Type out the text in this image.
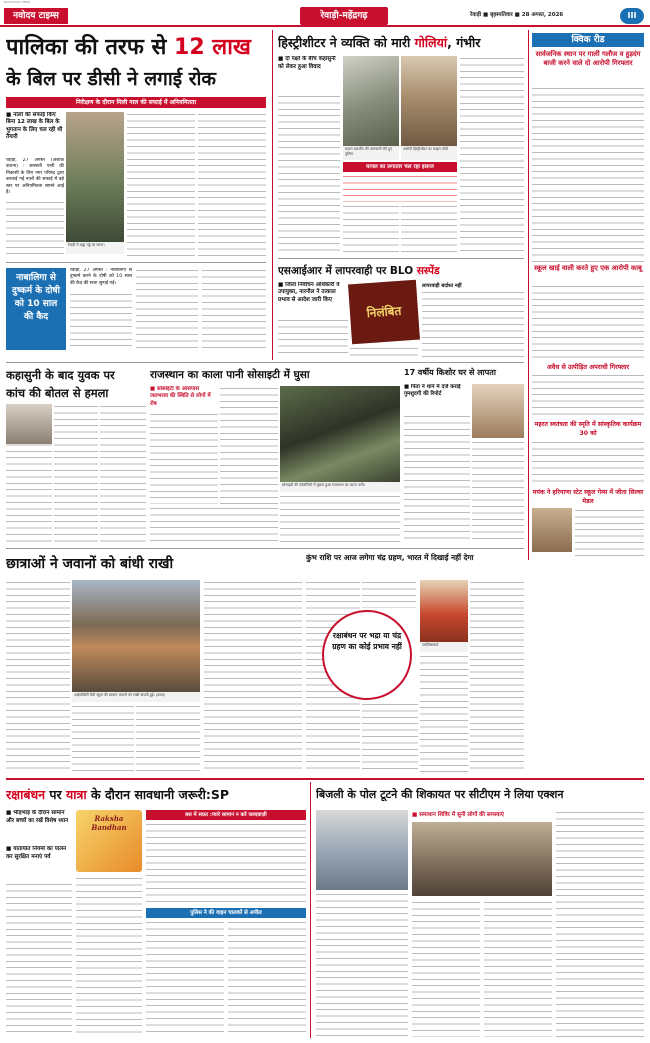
NAVODAYA TIMES
नवोदय टाइम्स	रेवाड़ी-महेंद्रगढ़	रेवाड़ी ■ बृहस्पतिवार ■ 28 अगस्त, 2026	III
पालिका की तरफ से 12 लाख
के बिल पर डीसी ने लगाई रोक
निरीक्षण के दौरान मिली नाल की सफाई में अनियमितता
■ नालों की सफाई किए बिना 12 लाख के बिल के भुगतान के लिए चल रही थी तैयारी
रेवाड़ी, 27 अगस्त (अशोक कथना) : बरसाती पानी की निकासी के लिए नगर परिषद द्वारा करवाई गई नालों की सफाई में बड़े स्तर पर अनियमितता सामने आई है।
रेवाड़ी में अड्डा गड्ढे का घटना।
नाबालिगा से दुष्कर्म के दोषी को 10 साल की कैद
रेवाड़ी, 27 अगस्त : नाबालिगा से दुष्कर्म करने के दोषी को 10 साल की कैद की सजा सुनाई गई।
हिस्ट्रीशीटर ने व्यक्ति को मारी गोलियां, गंभीर
■ दो पक्षों के बीच कहासुनी को लेकर हुआ विवाद
घायल बलजीत की जानकारी लेते हुए पुलिस
आरोपी हिस्ट्रीशीटर का फाइल फोटो
घायल का लगातार चल रहा इलाज
एसआईआर में लापरवाही पर BLO सस्पेंड
■ जिला निर्वाचन अधिकारी व उपायुक्त, नारनौल ने तत्काल प्रभाव से आदेश जारी किए
निलंबित
लापरवाही बर्दाश्त नहीं
क्विक रीड
सार्वजनिक स्थान पर गाली गलौज व हुड़दंग बाजी करने वाले दो आरोपी गिरफ्तार
स्कूल खाई वाली करते हुए एक आरोपी काबू
अवैध से उत्पीड़ित अपराधी गिरफ्तार
महरत स्वतंत्रता की स्मृति में सांस्कृतिक कार्यक्रम 30 को
मयंक ने हरियाणा स्टेट स्कूल गेम्स में जीता सिल्वर मेडल
कहासुनी के बाद युवक पर
कांच की बोतल से हमला
राजस्थान का काला पानी सोसाइटी में घुसा
■ सोसाइटी के आसपास जलभराव की स्थिति से लोगों में रोष
सोसाइटी की कॉलोनियों में घुसता हुआ राजस्थान का काला पानी।
17 वर्षीय किशोर घर से लापता
■ पिता ने थाने में दर्ज कराई गुमशुदगी की रिपोर्ट
छात्राओं ने जवानों को बांधी राखी
आईजीबीटी वैली स्कूल की छात्राएं जवानों को राखी बांधती हुई। (छाया)
कुंभ राशि पर आज लगेगा चंद्र ग्रहण, भारत में दिखाई नहीं देगा
रक्षाबंधन पर भद्रा या चंद्र ग्रहण का कोई प्रभाव नहीं	ज्योतिषाचार्य
रक्षाबंधन पर यात्रा के दौरान सावधानी जरूरी:SP
■ भीड़भाड़ के दौरान सामान और बच्चों का रखें विशेष ध्यान
■ यातायात नियमों का पालन कर सुरक्षित मनाएं पर्व
Raksha Bandhan
बस में सफ़र :प्यारे सामान न करें जल्दबाज़ी
पुलिस ने की वाहन चालकों से अपील
बिजली के पोल टूटने की शिकायत पर सीटीएम ने लिया एक्शन
■ समाधान शिविर में सुनी लोगों की समस्याएं
